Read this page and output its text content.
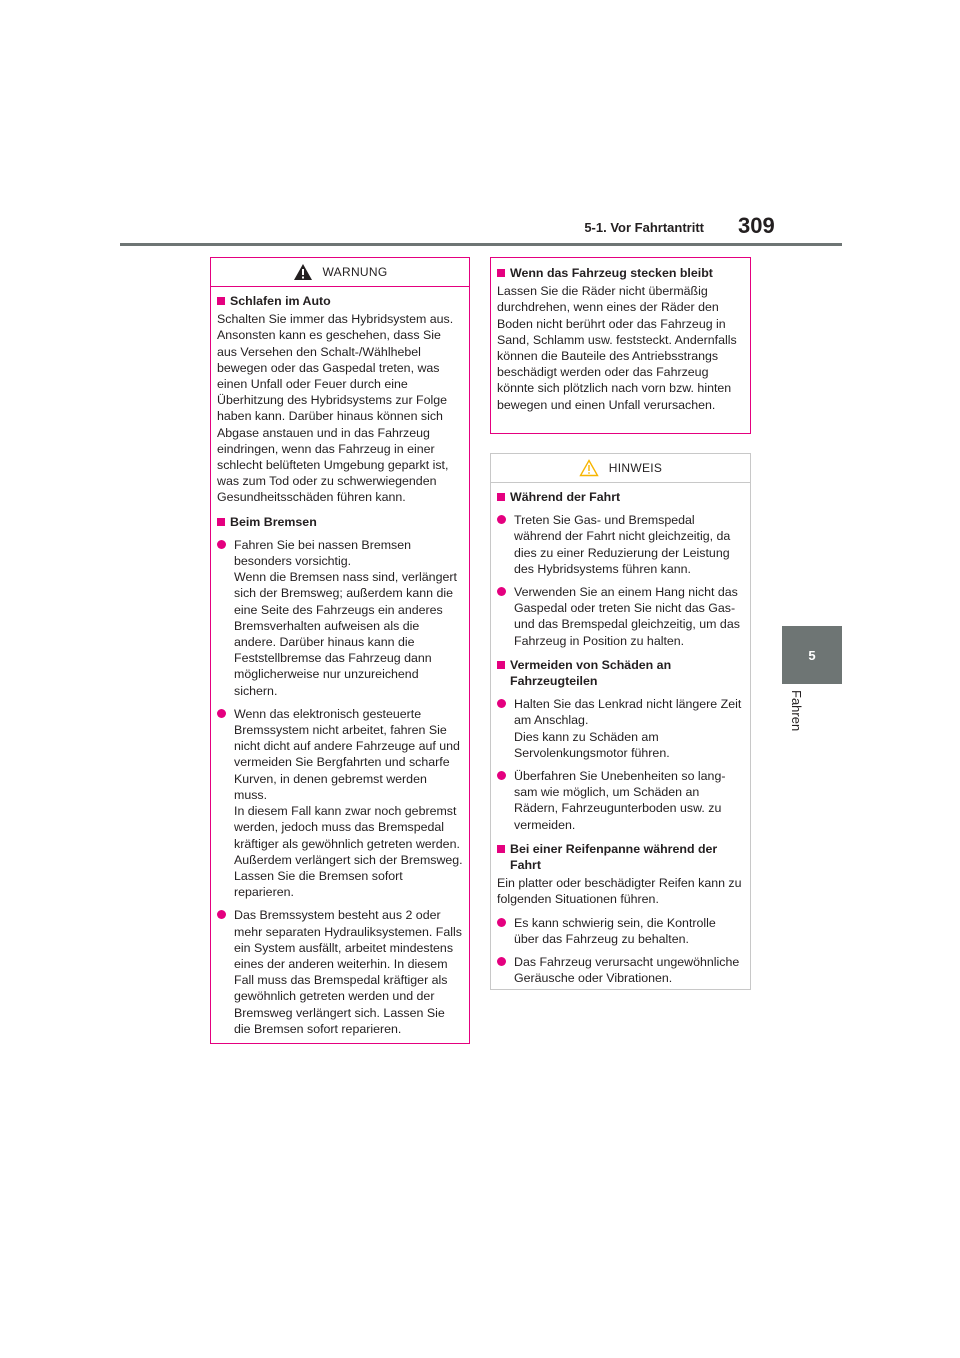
5-1. Vor Fahrtantritt 309
5
Fahren
WARNUNG
Schlafen im Auto

Schalten Sie immer das Hybridsystem aus. Ansonsten kann es geschehen, dass Sie aus Versehen den Schalt-/Wählhebel bewegen oder das Gaspedal treten, was einen Unfall oder Feuer durch eine Überhitzung des Hybridsystems zur Folge haben kann. Darüber hinaus können sich Abgase anstauen und in das Fahrzeug eindringen, wenn das Fahrzeug in einer schlecht belüfteten Umgebung geparkt ist, was zum Tod oder zu schwerwiegenden Gesundheitsschäden führen kann.

Beim Bremsen
Fahren Sie bei nassen Bremsen besonders vorsichtig.
Wenn die Bremsen nass sind, verlängert sich der Bremsweg; außerdem kann die eine Seite des Fahrzeugs ein anderes Bremsverhalten aufweisen als die andere. Darüber hinaus kann die Feststellbremse das Fahrzeug dann möglicherweise nur unzureichend sichern.
Wenn das elektronisch gesteuerte Bremssystem nicht arbeitet, fahren Sie nicht dicht auf andere Fahrzeuge auf und vermeiden Sie Bergfahrten und scharfe Kurven, in denen gebremst werden muss.
In diesem Fall kann zwar noch gebremst werden, jedoch muss das Bremspedal kräftiger als gewöhnlich getreten werden. Außerdem verlängert sich der Bremsweg. Lassen Sie die Bremsen sofort reparieren.
Das Bremssystem besteht aus 2 oder mehr separaten Hydrauliksystemen. Falls ein System ausfällt, arbeitet mindestens eines der anderen weiterhin. In diesem Fall muss das Bremspedal kräftiger als gewöhnlich getreten werden und der Bremsweg verlängert sich. Lassen Sie die Bremsen sofort reparieren.
Wenn das Fahrzeug stecken bleibt

Lassen Sie die Räder nicht übermäßig durchdrehen, wenn eines der Räder den Boden nicht berührt oder das Fahrzeug in Sand, Schlamm usw. feststeckt. Andernfalls können die Bauteile des Antriebsstrangs beschädigt werden oder das Fahrzeug könnte sich plötzlich nach vorn bzw. hinten bewegen und einen Unfall verursachen.

HINWEIS
Während der Fahrt
Treten Sie Gas- und Bremspedal während der Fahrt nicht gleichzeitig, da dies zu einer Reduzierung der Leistung des Hybridsystems führen kann.
Verwenden Sie an einem Hang nicht das Gaspedal oder treten Sie nicht das Gas- und das Bremspedal gleichzeitig, um das Fahrzeug in Position zu halten.
Vermeiden von Schäden an Fahrzeugteilen
Halten Sie das Lenkrad nicht längere Zeit am Anschlag.
Dies kann zu Schäden am Servolenkungsmotor führen.
Überfahren Sie Unebenheiten so lang-sam wie möglich, um Schäden an Rädern, Fahrzeugunterboden usw. zu vermeiden.
Bei einer Reifenpanne während der Fahrt

Ein platter oder beschädigter Reifen kann zu folgenden Situationen führen.

Es kann schwierig sein, die Kontrolle über das Fahrzeug zu behalten.
Das Fahrzeug verursacht ungewöhnliche Geräusche oder Vibrationen.
